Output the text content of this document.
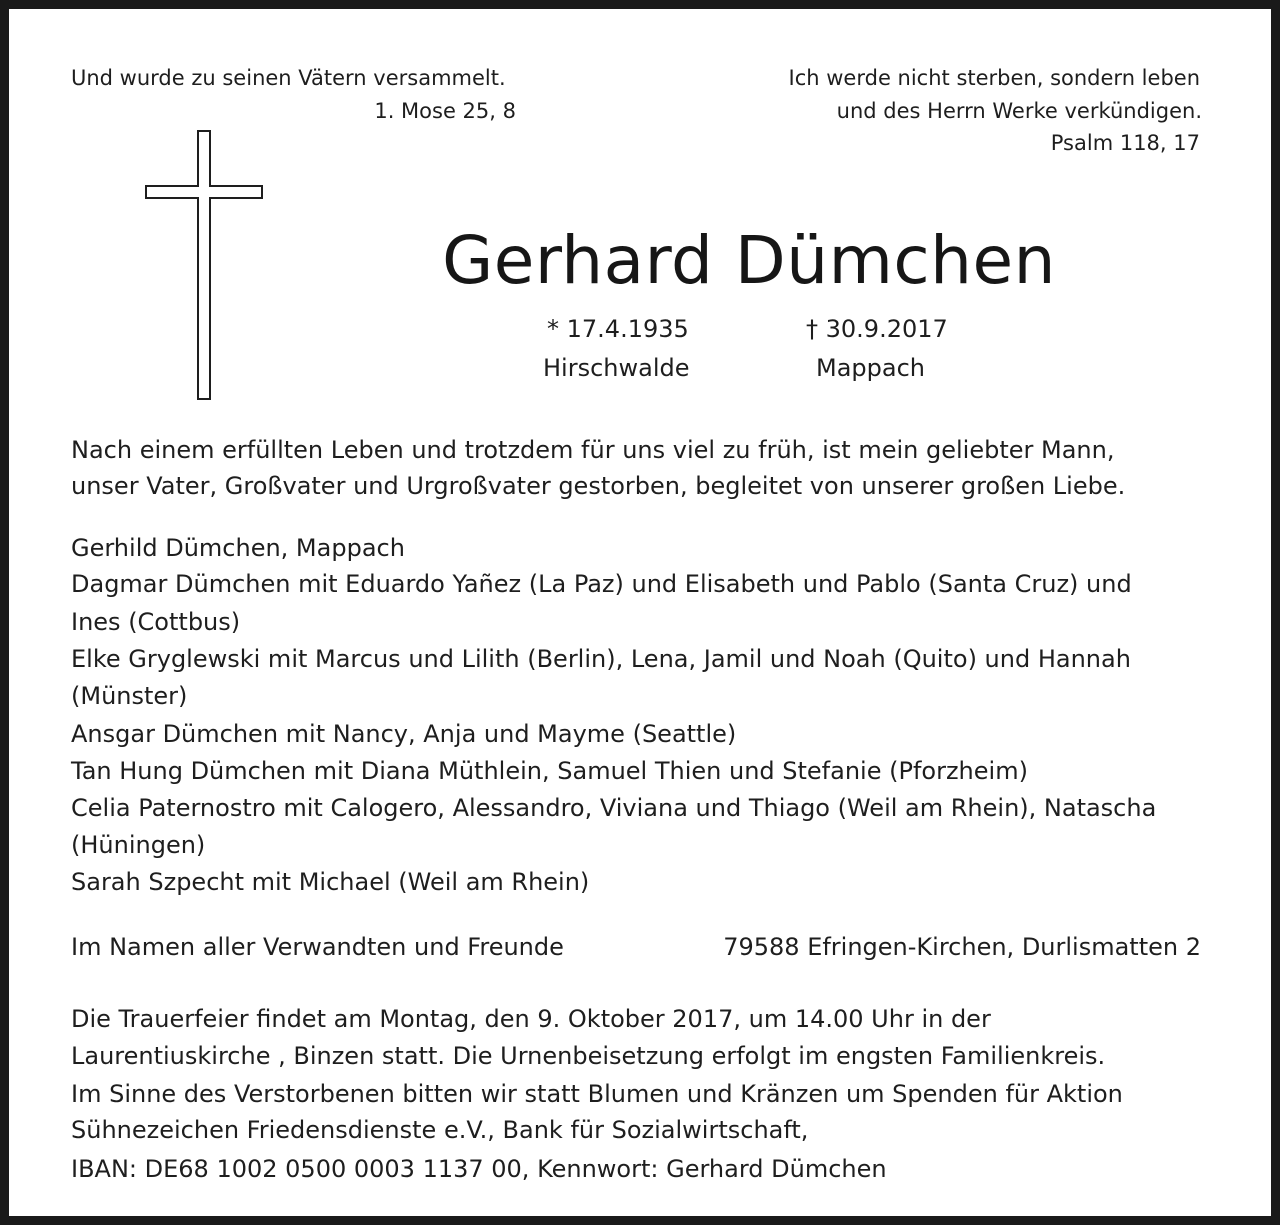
Und wurde zu seinen Vätern versammelt.

1. Mose 25, 8

Ich werde nicht sterben, sondern leben

und des Herrn Werke verkündigen.

Psalm 118, 17

Gerhard Dümchen

* 17.4.1935

Hirschwalde

† 30.9.2017

Mappach

Nach einem erfüllten Leben und trotzdem für uns viel zu früh, ist mein geliebter Mann,

unser Vater, Großvater und Urgroßvater gestorben, begleitet von unserer großen Liebe.

Gerhild Dümchen, Mappach

Dagmar Dümchen mit Eduardo Yañez (La Paz) und Elisabeth und Pablo (Santa Cruz) und

Ines (Cottbus)

Elke Gryglewski mit Marcus und Lilith (Berlin), Lena, Jamil und Noah (Quito) und Hannah

(Münster)

Ansgar Dümchen mit Nancy, Anja und Mayme (Seattle)

Tan Hung Dümchen mit Diana Müthlein, Samuel Thien und Stefanie (Pforzheim)

Celia Paternostro mit Calogero, Alessandro, Viviana und Thiago (Weil am Rhein), Natascha

(Hüningen)

Sarah Szpecht mit Michael (Weil am Rhein)

Im Namen aller Verwandten und Freunde	79588 Efringen-Kirchen, Durlismatten 2

Die Trauerfeier findet am Montag, den 9. Oktober 2017, um 14.00 Uhr in der

Laurentiuskirche , Binzen statt. Die Urnenbeisetzung erfolgt im engsten Familienkreis.

Im Sinne des Verstorbenen bitten wir statt Blumen und Kränzen um Spenden für Aktion

Sühnezeichen Friedensdienste e.V., Bank für Sozialwirtschaft,

IBAN: DE68 1002 0500 0003 1137 00, Kennwort: Gerhard Dümchen
